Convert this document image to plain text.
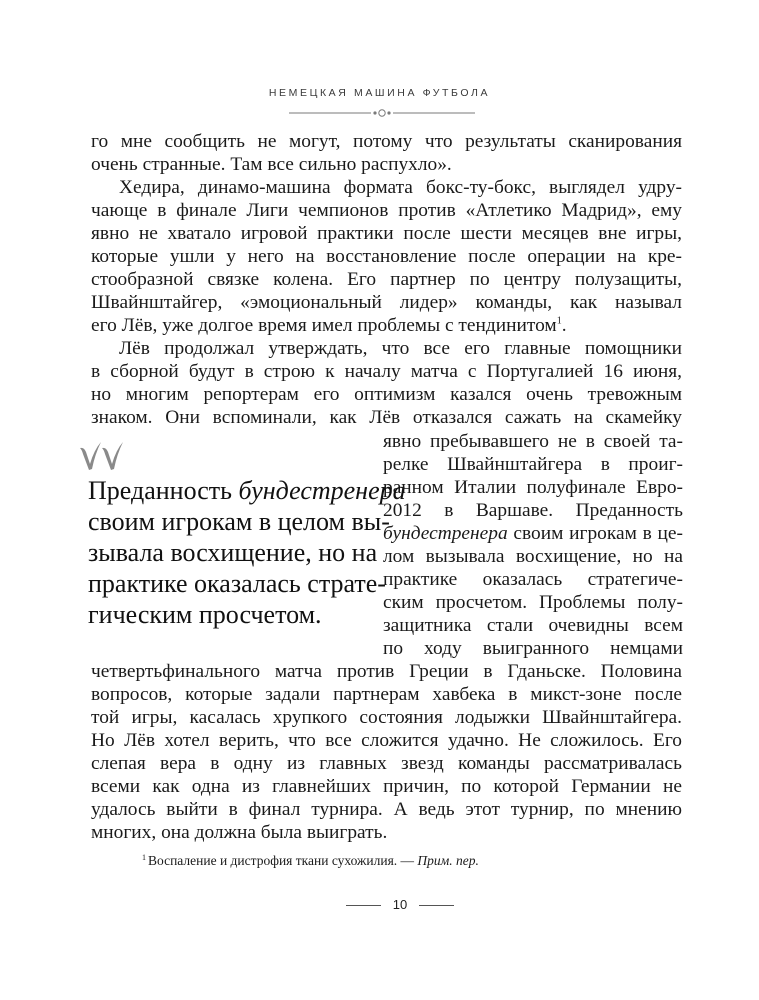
НЕМЕЦКАЯ МАШИНА ФУТБОЛА

го мне сообщить не могут, потому что результаты сканирования

очень странные. Там все сильно распухло».

Хедира, динамо-машина формата бокс-ту-бокс, выглядел удру-

чающе в финале Лиги чемпионов против «Атлетико Мадрид», ему

явно не хватало игровой практики после шести месяцев вне игры,

которые ушли у него на восстановление после операции на кре-

стообразной связке колена. Его партнер по центру полузащиты,

Швайнштайгер, «эмоциональный лидер» команды, как называл

его Лёв, уже долгое время имел проблемы с тендинитом$^1$.

Лёв продолжал утверждать, что все его главные помощники

в сборной будут в строю к началу матча с Португалией 16 июня,

но многим репортерам его оптимизм казался очень тревожным

знаком. Они вспоминали, как Лёв отказался сажать на скамейку

явно пребывавшего не в своей та-

релке Швайнштайгера в проиг-

ранном Италии полуфинале Евро-

2012 в Варшаве. Преданность

бундестренера своим игрокам в це-

лом вызывала восхищение, но на

практике оказалась стратегиче-

ским просчетом. Проблемы полу-

защитника стали очевидны всем

по ходу выигранного немцами

четвертьфинального матча против Греции в Гданьске. Половина

вопросов, которые задали партнерам хавбека в микст-зоне после

той игры, касалась хрупкого состояния лодыжки Швайнштайгера.

Но Лёв хотел верить, что все сложится удачно. Не сложилось. Его

слепая вера в одну из главных звезд команды рассматривалась

всеми как одна из главнейших причин, по которой Германии не

удалось выйти в финал турнира. А ведь этот турнир, по мнению

многих, она должна была выиграть.

Преданность бундестренера
своим игрокам в целом вы-
зывала восхищение, но на
практике оказалась страте-
гическим просчетом.

$^1$ Воспаление и дистрофия ткани сухожилия. — Прим. пер.

10
